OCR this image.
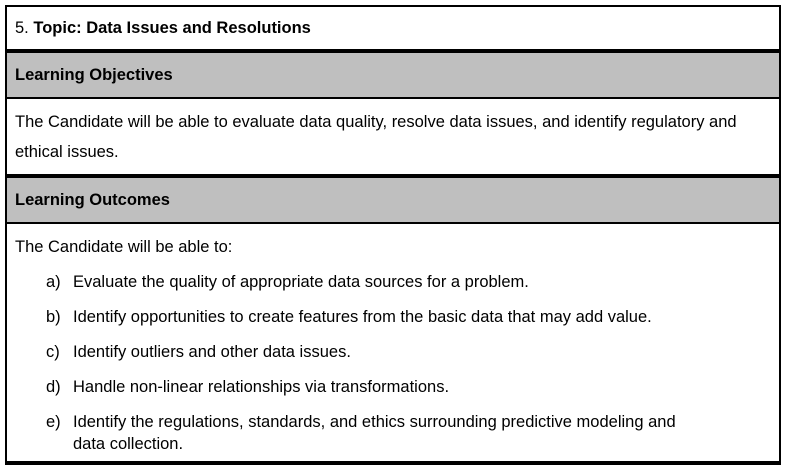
5. Topic: Data Issues and Resolutions
Learning Objectives

The Candidate will be able to evaluate data quality, resolve data issues, and identify regulatory and ethical issues.

Learning Outcomes

The Candidate will be able to:

a) Evaluate the quality of appropriate data sources for a problem.
b) Identify opportunities to create features from the basic data that may add value.
c) Identify outliers and other data issues.
d) Handle non-linear relationships via transformations.
e) Identify the regulations, standards, and ethics surrounding predictive modeling and data collection.
